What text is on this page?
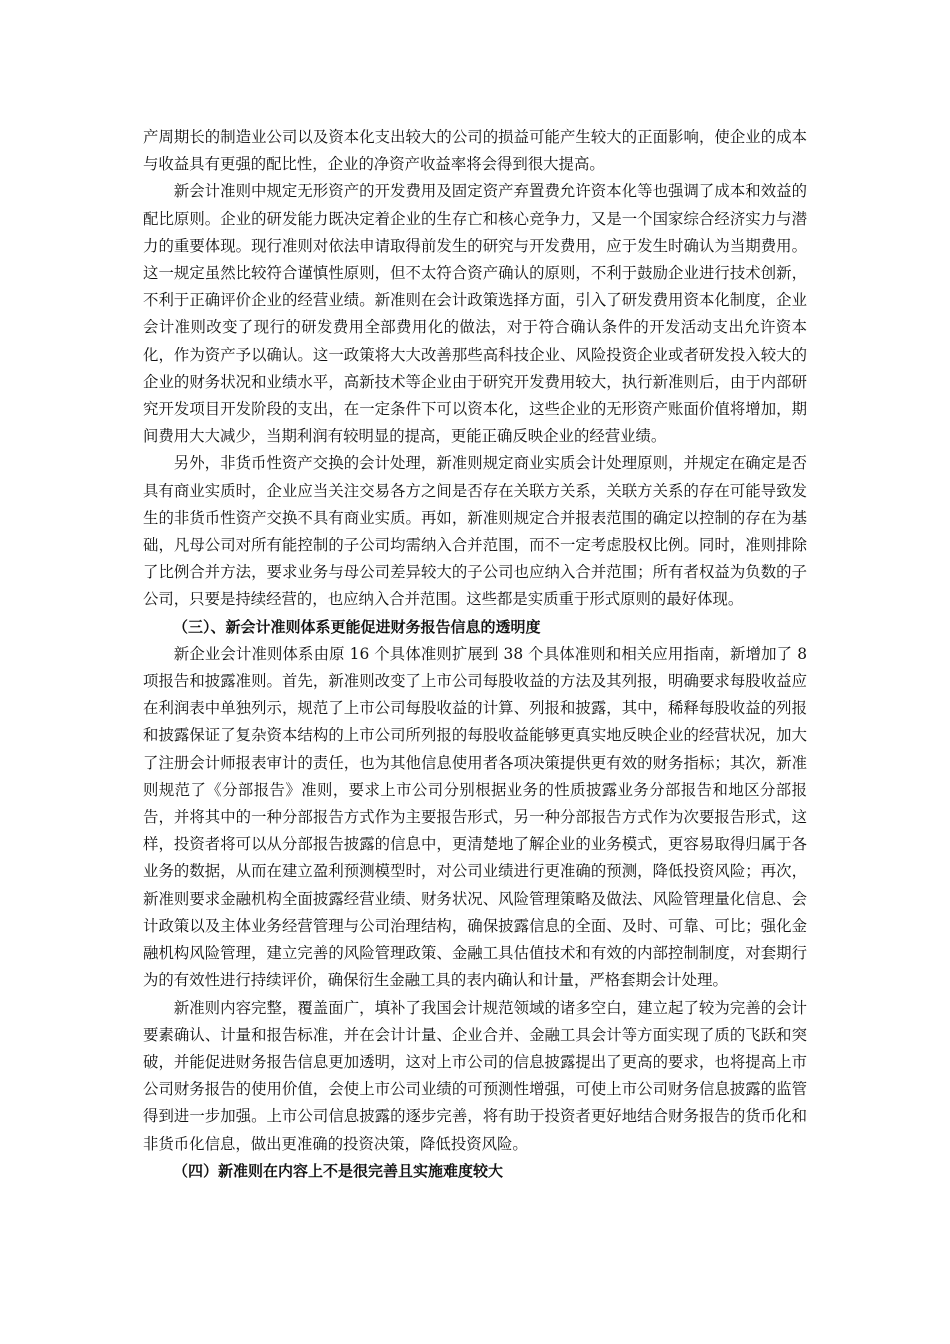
产周期长的制造业公司以及资本化支出较大的公司的损益可能产生较大的正面影响，使企业的成本与收益具有更强的配比性，企业的净资产收益率将会得到很大提高。

新会计准则中规定无形资产的开发费用及固定资产弃置费允许资本化等也强调了成本和效益的配比原则。企业的研发能力既决定着企业的生存亡和核心竞争力，又是一个国家综合经济实力与潜力的重要体现。现行准则对依法申请取得前发生的研究与开发费用，应于发生时确认为当期费用。这一规定虽然比较符合谨慎性原则，但不太符合资产确认的原则，不利于鼓励企业进行技术创新，不利于正确评价企业的经营业绩。新准则在会计政策选择方面，引入了研发费用资本化制度，企业会计准则改变了现行的研发费用全部费用化的做法，对于符合确认条件的开发活动支出允许资本化，作为资产予以确认。这一政策将大大改善那些高科技企业、风险投资企业或者研发投入较大的企业的财务状况和业绩水平，高新技术等企业由于研究开发费用较大，执行新准则后，由于内部研究开发项目开发阶段的支出，在一定条件下可以资本化，这些企业的无形资产账面价值将增加，期间费用大大减少，当期利润有较明显的提高，更能正确反映企业的经营业绩。

另外，非货币性资产交换的会计处理，新准则规定商业实质会计处理原则，并规定在确定是否具有商业实质时，企业应当关注交易各方之间是否存在关联方关系，关联方关系的存在可能导致发生的非货币性资产交换不具有商业实质。再如，新准则规定合并报表范围的确定以控制的存在为基础，凡母公司对所有能控制的子公司均需纳入合并范围，而不一定考虑股权比例。同时，准则排除了比例合并方法，要求业务与母公司差异较大的子公司也应纳入合并范围；所有者权益为负数的子公司，只要是持续经营的，也应纳入合并范围。这些都是实质重于形式原则的最好体现。

（三）、新会计准则体系更能促进财务报告信息的透明度

新企业会计准则体系由原 16 个具体准则扩展到 38 个具体准则和相关应用指南，新增加了 8 项报告和披露准则。首先，新准则改变了上市公司每股收益的方法及其列报，明确要求每股收益应在利润表中单独列示，规范了上市公司每股收益的计算、列报和披露，其中，稀释每股收益的列报和披露保证了复杂资本结构的上市公司所列报的每股收益能够更真实地反映企业的经营状况，加大了注册会计师报表审计的责任，也为其他信息使用者各项决策提供更有效的财务指标；其次，新准则规范了《分部报告》准则，要求上市公司分别根据业务的性质披露业务分部报告和地区分部报告，并将其中的一种分部报告方式作为主要报告形式，另一种分部报告方式作为次要报告形式，这样，投资者将可以从分部报告披露的信息中，更清楚地了解企业的业务模式，更容易取得归属于各业务的数据，从而在建立盈利预测模型时，对公司业绩进行更准确的预测，降低投资风险；再次，新准则要求金融机构全面披露经营业绩、财务状况、风险管理策略及做法、风险管理量化信息、会计政策以及主体业务经营管理与公司治理结构，确保披露信息的全面、及时、可靠、可比；强化金融机构风险管理，建立完善的风险管理政策、金融工具估值技术和有效的内部控制制度，对套期行为的有效性进行持续评价，确保衍生金融工具的表内确认和计量，严格套期会计处理。

新准则内容完整，覆盖面广，填补了我国会计规范领域的诸多空白，建立起了较为完善的会计要素确认、计量和报告标准，并在会计计量、企业合并、金融工具会计等方面实现了质的飞跃和突破，并能促进财务报告信息更加透明，这对上市公司的信息披露提出了更高的要求，也将提高上市公司财务报告的使用价值，会使上市公司业绩的可预测性增强，可使上市公司财务信息披露的监管得到进一步加强。上市公司信息披露的逐步完善，将有助于投资者更好地结合财务报告的货币化和非货币化信息，做出更准确的投资决策，降低投资风险。

（四）新准则在内容上不是很完善且实施难度较大
